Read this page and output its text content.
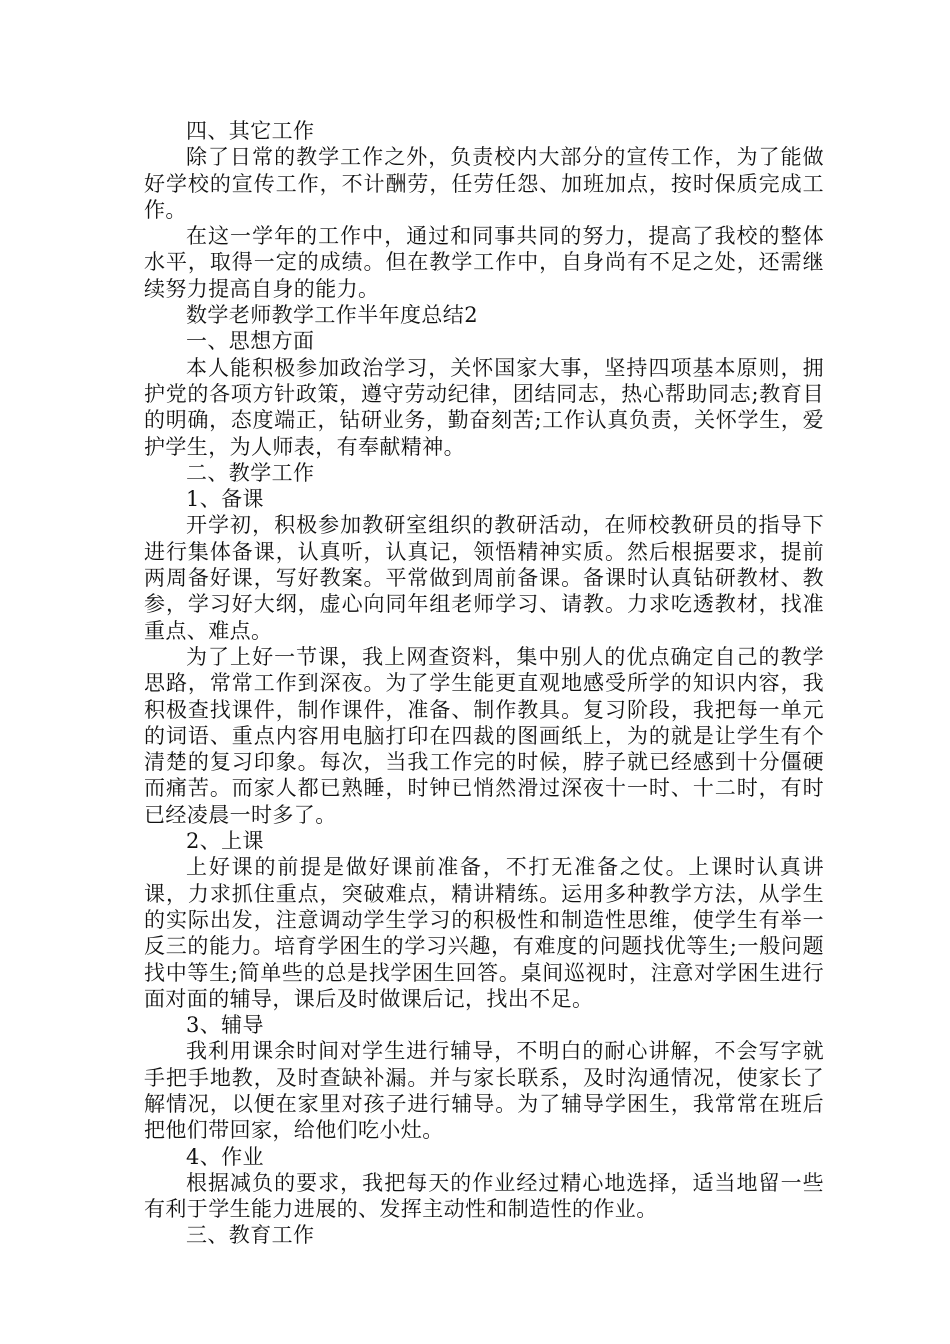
四、其它工作

除了日常的教学工作之外，负责校内大部分的宣传工作，为了能做好学校的宣传工作，不计酬劳，任劳任怨、加班加点，按时保质完成工作。

在这一学年的工作中，通过和同事共同的努力，提高了我校的整体水平，取得一定的成绩。但在教学工作中，自身尚有不足之处，还需继续努力提高自身的能力。

数学老师教学工作半年度总结2

一、思想方面

本人能积极参加政治学习，关怀国家大事，坚持四项基本原则，拥护党的各项方针政策，遵守劳动纪律，团结同志，热心帮助同志;教育目的明确，态度端正，钻研业务，勤奋刻苦;工作认真负责，关怀学生，爱护学生，为人师表，有奉献精神。

二、教学工作

1、备课

开学初，积极参加教研室组织的教研活动，在师校教研员的指导下进行集体备课，认真听，认真记，领悟精神实质。然后根据要求，提前两周备好课，写好教案。平常做到周前备课。备课时认真钻研教材、教参，学习好大纲，虚心向同年组老师学习、请教。力求吃透教材，找准重点、难点。

为了上好一节课，我上网查资料，集中别人的优点确定自己的教学思路，常常工作到深夜。为了学生能更直观地感受所学的知识内容，我积极查找课件，制作课件，准备、制作教具。复习阶段，我把每一单元的词语、重点内容用电脑打印在四裁的图画纸上，为的就是让学生有个清楚的复习印象。每次，当我工作完的时候，脖子就已经感到十分僵硬而痛苦。而家人都已熟睡，时钟已悄然滑过深夜十一时、十二时，有时已经凌晨一时多了。

2、上课

上好课的前提是做好课前准备，不打无准备之仗。上课时认真讲课，力求抓住重点，突破难点，精讲精练。运用多种教学方法，从学生的实际出发，注意调动学生学习的积极性和制造性思维，使学生有举一反三的能力。培育学困生的学习兴趣，有难度的问题找优等生;一般问题找中等生;简单些的总是找学困生回答。桌间巡视时，注意对学困生进行面对面的辅导，课后及时做课后记，找出不足。

3、辅导

我利用课余时间对学生进行辅导，不明白的耐心讲解，不会写字就手把手地教，及时查缺补漏。并与家长联系，及时沟通情况，使家长了解情况，以便在家里对孩子进行辅导。为了辅导学困生，我常常在班后把他们带回家，给他们吃小灶。

4、作业

根据减负的要求，我把每天的作业经过精心地选择，适当地留一些有利于学生能力进展的、发挥主动性和制造性的作业。

三、教育工作
